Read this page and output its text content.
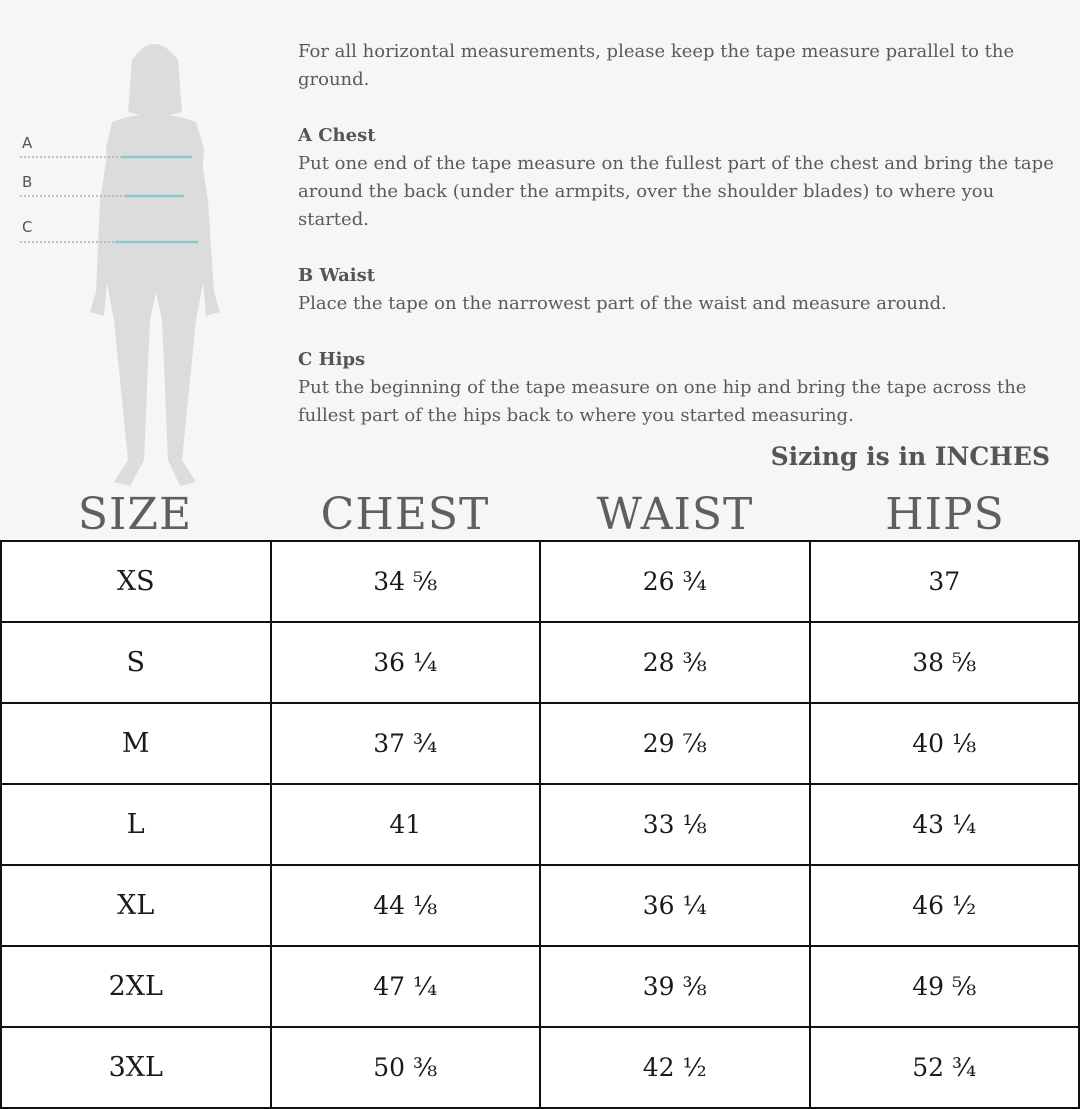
A
B
C

For all horizontal measurements, please keep the tape measure parallel to the ground.

A Chest

Put one end of the tape measure on the fullest part of the chest and bring the tape around the back (under the armpits, over the shoulder blades) to where you started.

B Waist

Place the tape on the narrowest part of the waist and measure around.

C Hips

Put the beginning of the tape measure on one hip and bring the tape across the fullest part of the hips back to where you started measuring.

Sizing is in INCHES
SIZE	CHEST	WAIST	HIPS
XS	34 ⅝	26 ¾	37
S	36 ¼	28 ⅜	38 ⅝
M	37 ¾	29 ⅞	40 ⅛
L	41	33 ⅛	43 ¼
XL	44 ⅛	36 ¼	46 ½
2XL	47 ¼	39 ⅜	49 ⅝
3XL	50 ⅜	42 ½	52 ¾
